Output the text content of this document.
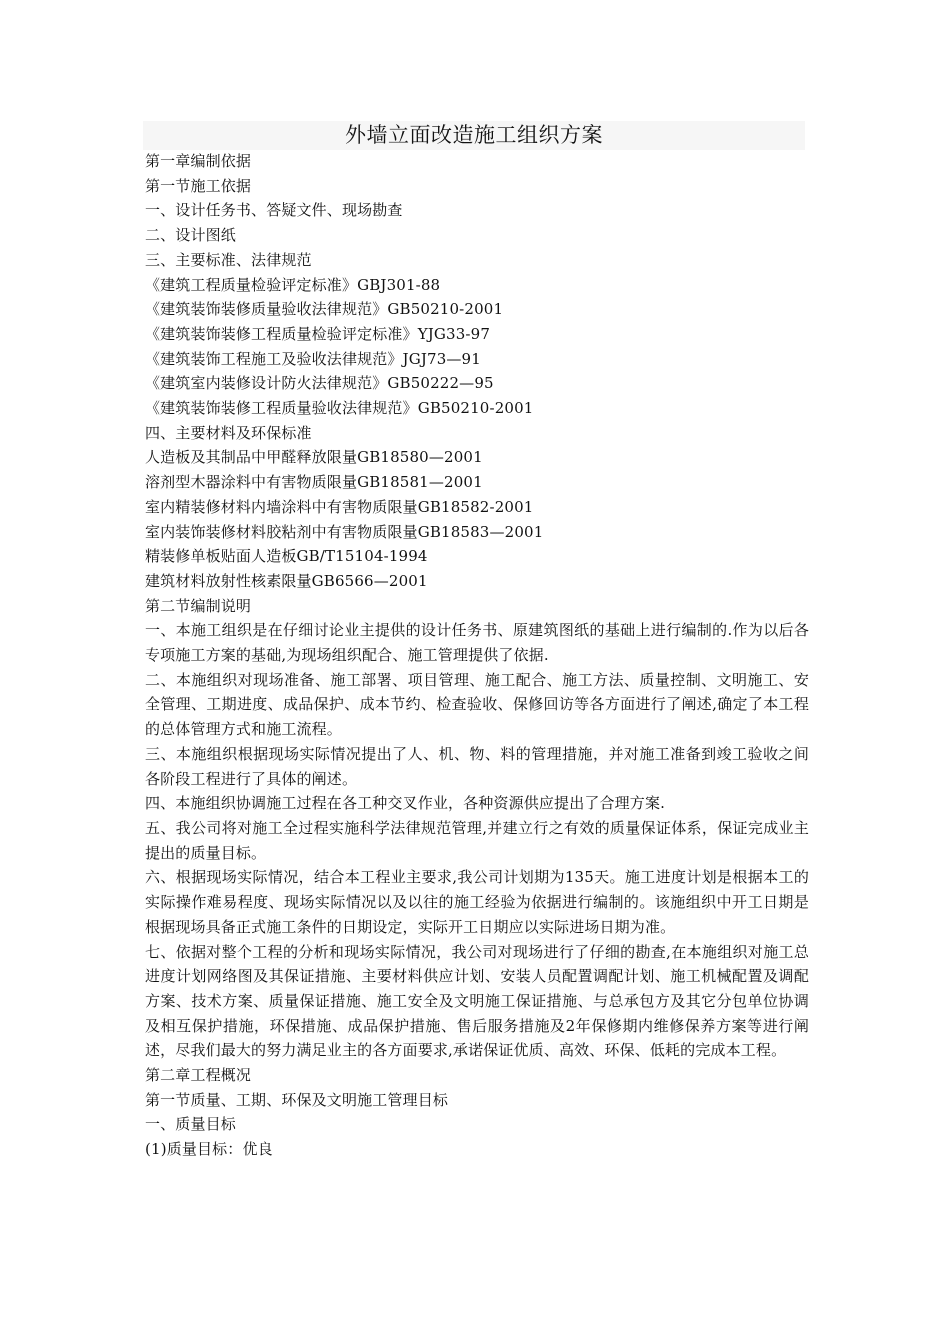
外墙立面改造施工组织方案

第一章编制依据

第一节施工依据

一、设计任务书、答疑文件、现场勘查

二、设计图纸

三、主要标准、法律规范

《建筑工程质量检验评定标准》GBJ301-88

《建筑装饰装修质量验收法律规范》GB50210-2001

《建筑装饰装修工程质量检验评定标准》YJG33-97

《建筑装饰工程施工及验收法律规范》JGJ73—91

《建筑室内装修设计防火法律规范》GB50222—95

《建筑装饰装修工程质量验收法律规范》GB50210-2001

四、主要材料及环保标准

人造板及其制品中甲醛释放限量GB18580—2001

溶剂型木器涂料中有害物质限量GB18581—2001

室内精装修材料内墙涂料中有害物质限量GB18582-2001

室内装饰装修材料胶粘剂中有害物质限量GB18583—2001

精装修单板贴面人造板GB/T15104-1994

建筑材料放射性核素限量GB6566—2001

第二节编制说明

一、本施工组织是在仔细讨论业主提供的设计任务书、原建筑图纸的基础上进行编制的.作为以后各专项施工方案的基础,为现场组织配合、施工管理提供了依据.

二、本施组织对现场准备、施工部署、项目管理、施工配合、施工方法、质量控制、文明施工、安全管理、工期进度、成品保护、成本节约、检查验收、保修回访等各方面进行了阐述,确定了本工程的总体管理方式和施工流程。

三、本施组织根据现场实际情况提出了人、机、物、料的管理措施，并对施工准备到竣工验收之间各阶段工程进行了具体的阐述。

四、本施组织协调施工过程在各工种交叉作业，各种资源供应提出了合理方案.

五、我公司将对施工全过程实施科学法律规范管理,并建立行之有效的质量保证体系，保证完成业主提出的质量目标。

六、根据现场实际情况，结合本工程业主要求,我公司计划期为135天。施工进度计划是根据本工的实际操作难易程度、现场实际情况以及以往的施工经验为依据进行编制的。该施组织中开工日期是根据现场具备正式施工条件的日期设定，实际开工日期应以实际进场日期为准。

七、依据对整个工程的分析和现场实际情况，我公司对现场进行了仔细的勘查,在本施组织对施工总进度计划网络图及其保证措施、主要材料供应计划、安装人员配置调配计划、施工机械配置及调配方案、技术方案、质量保证措施、施工安全及文明施工保证措施、与总承包方及其它分包单位协调及相互保护措施，环保措施、成品保护措施、售后服务措施及2年保修期内维修保养方案等进行阐述，尽我们最大的努力满足业主的各方面要求,承诺保证优质、高效、环保、低耗的完成本工程。

第二章工程概况

第一节质量、工期、环保及文明施工管理目标

一、质量目标

(1)质量目标：优良
